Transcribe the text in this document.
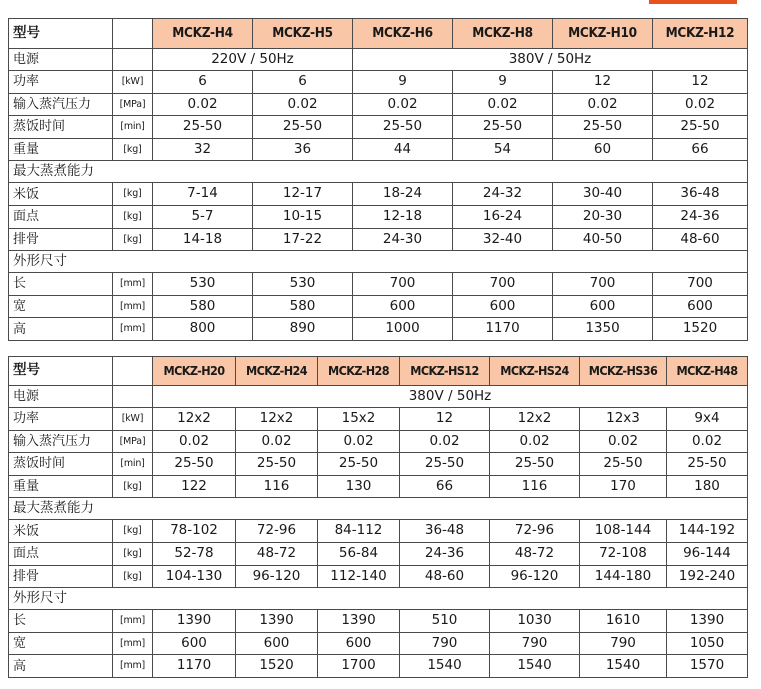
型号		MCKZ-H4	MCKZ-H5	MCKZ-H6	MCKZ-H8	MCKZ-H10	MCKZ-H12
电源		220V / 50Hz		380V / 50Hz			
功率	[kW]	6	6	9	9	12	12
输入蒸汽压力	[MPa]	0.02	0.02	0.02	0.02	0.02	0.02
蒸饭时间	[min]	25-50	25-50	25-50	25-50	25-50	25-50
重量	[kg]	32	36	44	54	60	66
最大蒸煮能力							
米饭	[kg]	7-14	12-17	18-24	24-32	30-40	36-48
面点	[kg]	5-7	10-15	12-18	16-24	20-30	24-36
排骨	[kg]	14-18	17-22	24-30	32-40	40-50	48-60
外形尺寸							
长	[mm]	530	530	700	700	700	700
宽	[mm]	580	580	600	600	600	600
高	[mm]	800	890	1000	1170	1350	1520
型号		MCKZ-H20	MCKZ-H24	MCKZ-H28	MCKZ-HS12	MCKZ-HS24	MCKZ-HS36	MCKZ-H48
电源		380V / 50Hz						
功率	[kW]	12x2	12x2	15x2	12	12x2	12x3	9x4
输入蒸汽压力	[MPa]	0.02	0.02	0.02	0.02	0.02	0.02	0.02
蒸饭时间	[min]	25-50	25-50	25-50	25-50	25-50	25-50	25-50
重量	[kg]	122	116	130	66	116	170	180
最大蒸煮能力								
米饭	[kg]	78-102	72-96	84-112	36-48	72-96	108-144	144-192
面点	[kg]	52-78	48-72	56-84	24-36	48-72	72-108	96-144
排骨	[kg]	104-130	96-120	112-140	48-60	96-120	144-180	192-240
外形尺寸								
长	[mm]	1390	1390	1390	510	1030	1610	1390
宽	[mm]	600	600	600	790	790	790	1050
高	[mm]	1170	1520	1700	1540	1540	1540	1570
